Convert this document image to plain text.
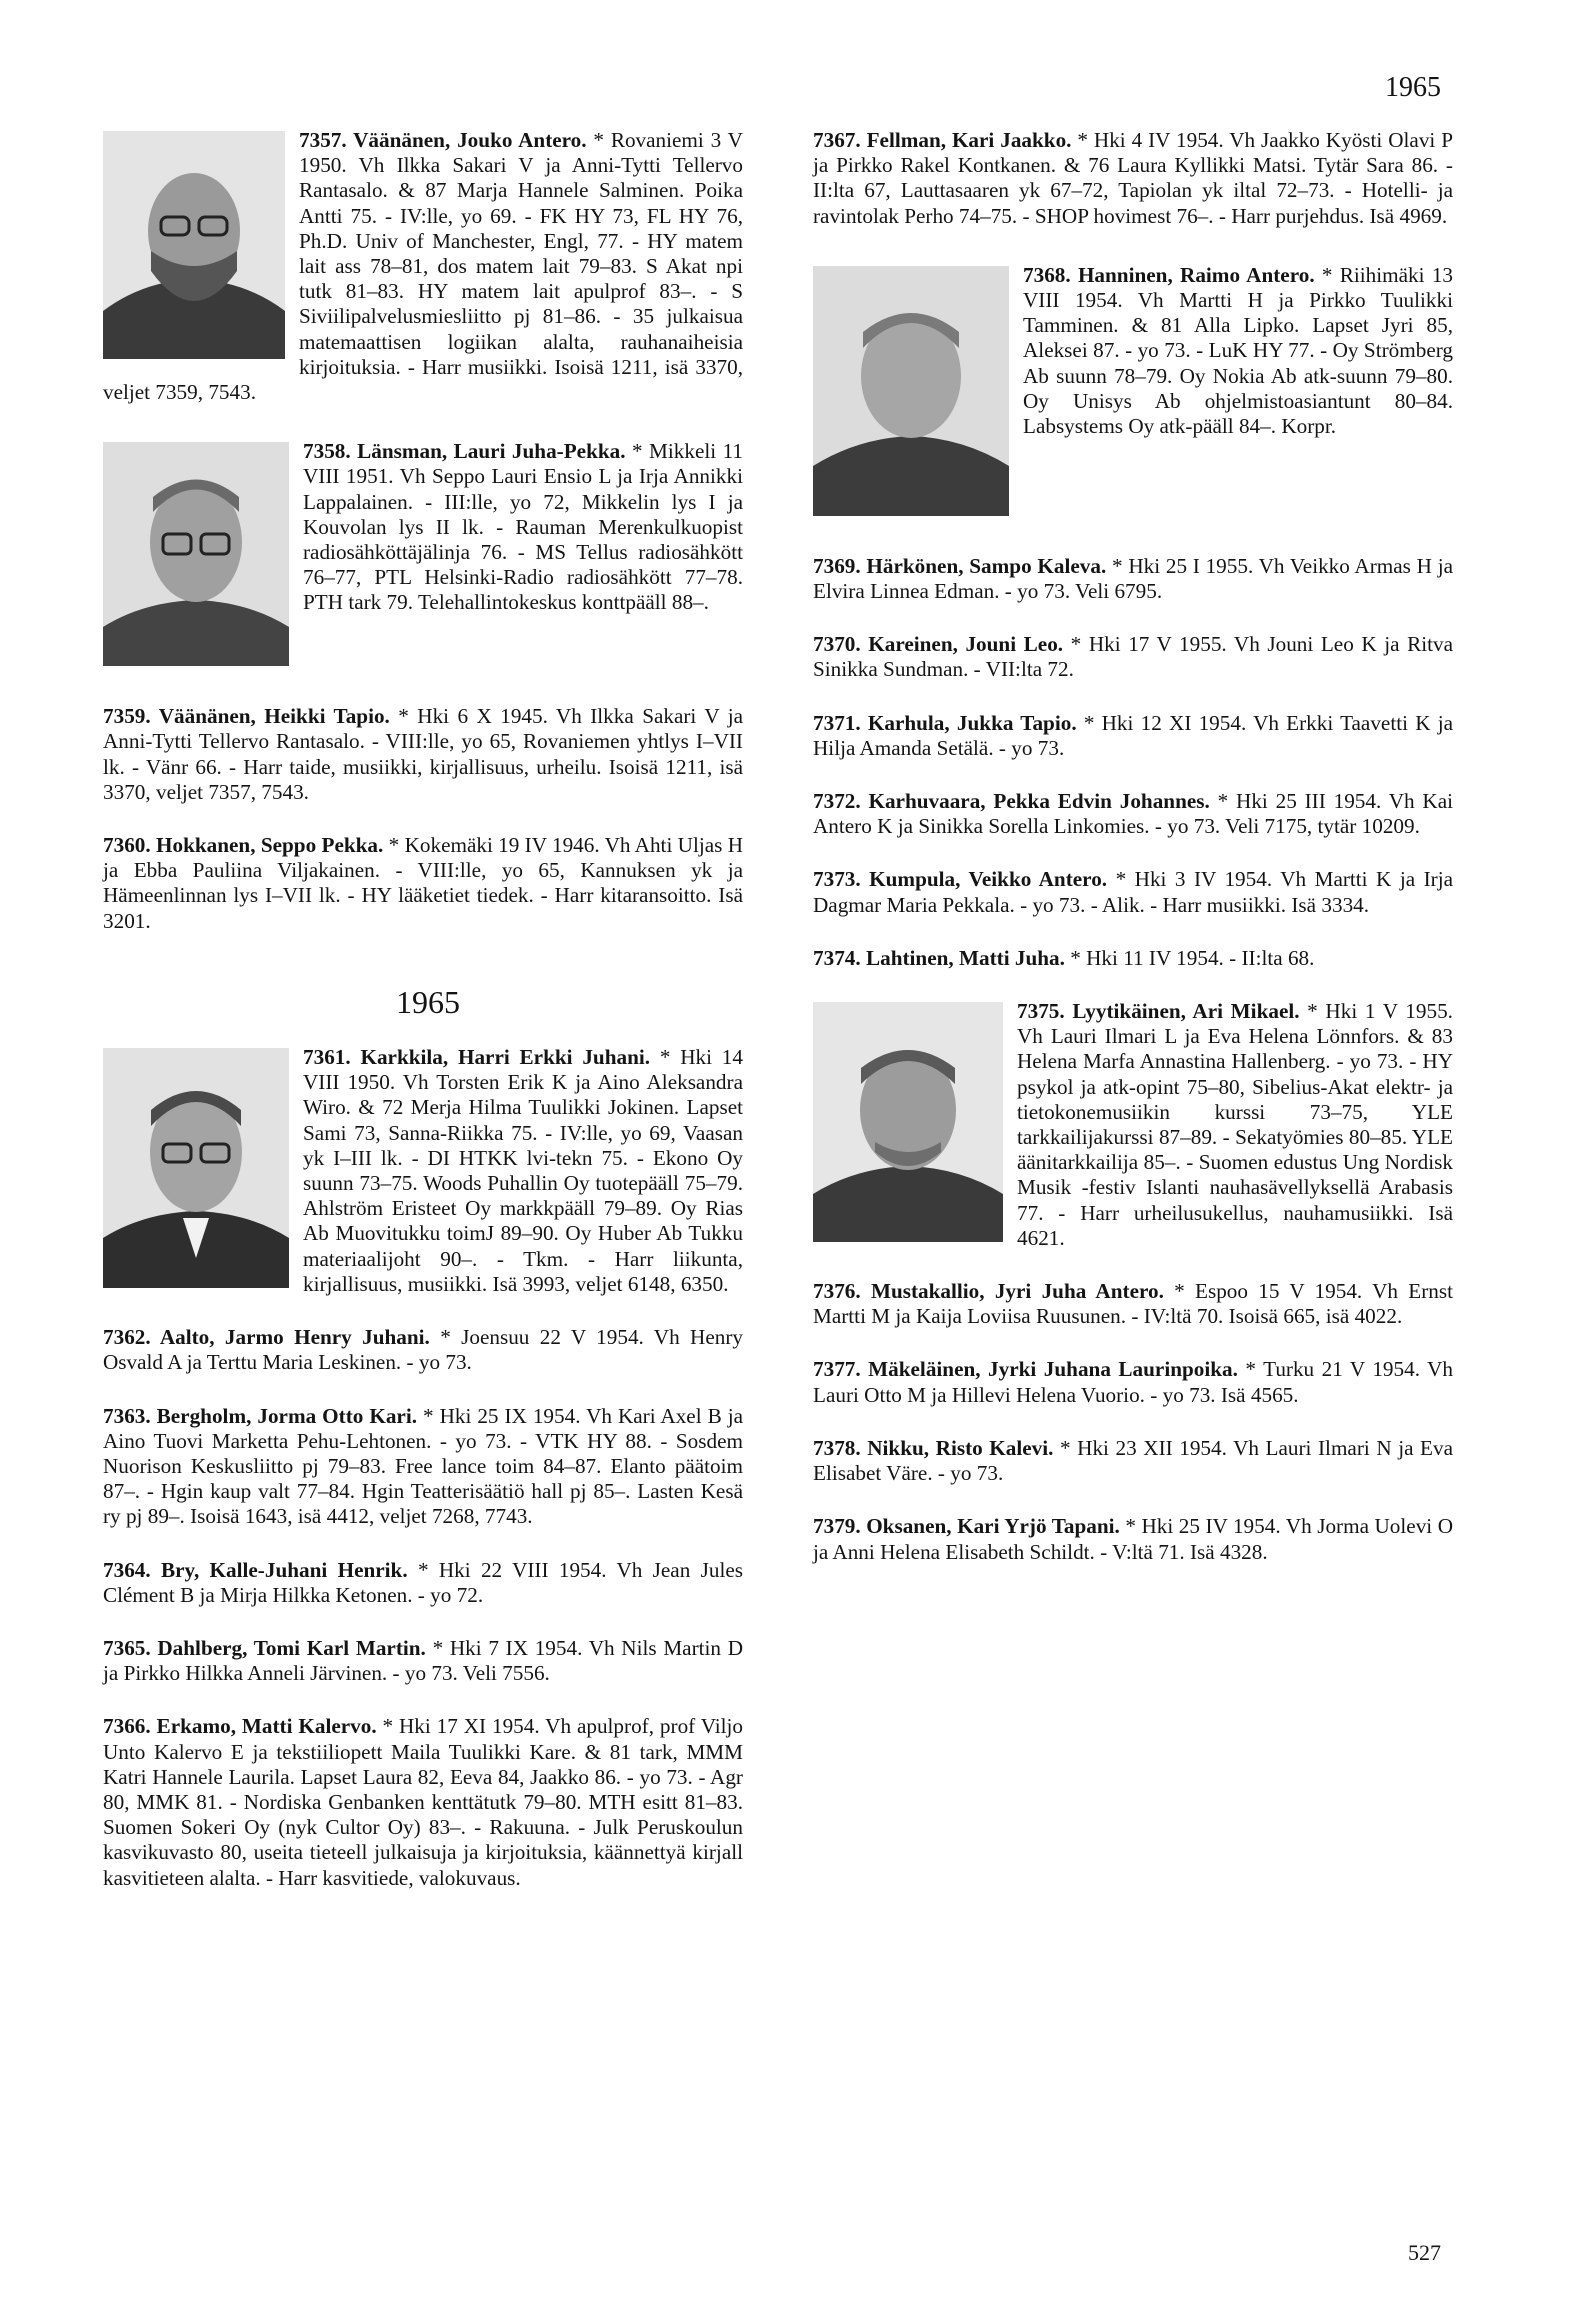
1965

7357. Väänänen, Jouko Antero. * Rovaniemi 3 V 1950. Vh Ilkka Sakari V ja Anni-Tytti Tellervo Rantasalo. & 87 Marja Hannele Salminen. Poika Antti 75. - IV:lle, yo 69. - FK HY 73, FL HY 76, Ph.D. Univ of Manchester, Engl, 77. - HY matem lait ass 78–81, dos matem lait 79–83. S Akat npi tutk 81–83. HY matem lait apulprof 83–. - S Siviilipalvelusmiesliitto pj 81–86. - 35 julkaisua matemaattisen logiikan alalta, rauhanaiheisia kirjoituksia. - Harr musiikki. Isoisä 1211, isä 3370, veljet 7359, 7543.

7358. Länsman, Lauri Juha-Pekka. * Mikkeli 11 VIII 1951. Vh Seppo Lauri Ensio L ja Irja Annikki Lappalainen. - III:lle, yo 72, Mikkelin lys I ja Kouvolan lys II lk. - Rauman Merenkulkuopist radiosähköttäjälinja 76. - MS Tellus radiosähkött 76–77, PTL Helsinki-Radio radiosähkött 77–78. PTH tark 79. Telehallintokeskus konttpääll 88–.

7359. Väänänen, Heikki Tapio. * Hki 6 X 1945. Vh Ilkka Sakari V ja Anni-Tytti Tellervo Rantasalo. - VIII:lle, yo 65, Rovaniemen yhtlys I–VII lk. - Vänr 66. - Harr taide, musiikki, kirjallisuus, urheilu. Isoisä 1211, isä 3370, veljet 7357, 7543.

7360. Hokkanen, Seppo Pekka. * Kokemäki 19 IV 1946. Vh Ahti Uljas H ja Ebba Pauliina Viljakainen. - VIII:lle, yo 65, Kannuksen yk ja Hämeenlinnan lys I–VII lk. - HY lääketiet tiedek. - Harr kitaransoitto. Isä 3201.

1965

7361. Karkkila, Harri Erkki Juhani. * Hki 14 VIII 1950. Vh Torsten Erik K ja Aino Aleksandra Wiro. & 72 Merja Hilma Tuulikki Jokinen. Lapset Sami 73, Sanna-Riikka 75. - IV:lle, yo 69, Vaasan yk I–III lk. - DI HTKK lvi-tekn 75. - Ekono Oy suunn 73–75. Woods Puhallin Oy tuotepääll 75–79. Ahlström Eristeet Oy markkpääll 79–89. Oy Rias Ab Muovitukku toimJ 89–90. Oy Huber Ab Tukku materiaalijoht 90–. - Tkm. - Harr liikunta, kirjallisuus, musiikki. Isä 3993, veljet 6148, 6350.

7362. Aalto, Jarmo Henry Juhani. * Joensuu 22 V 1954. Vh Henry Osvald A ja Terttu Maria Leskinen. - yo 73.

7363. Bergholm, Jorma Otto Kari. * Hki 25 IX 1954. Vh Kari Axel B ja Aino Tuovi Marketta Pehu-Lehtonen. - yo 73. - VTK HY 88. - Sosdem Nuorison Keskusliitto pj 79–83. Free lance toim 84–87. Elanto päätoim 87–. - Hgin kaup valt 77–84. Hgin Teatterisäätiö hall pj 85–. Lasten Kesä ry pj 89–. Isoisä 1643, isä 4412, veljet 7268, 7743.

7364. Bry, Kalle-Juhani Henrik. * Hki 22 VIII 1954. Vh Jean Jules Clément B ja Mirja Hilkka Ketonen. - yo 72.

7365. Dahlberg, Tomi Karl Martin. * Hki 7 IX 1954. Vh Nils Martin D ja Pirkko Hilkka Anneli Järvinen. - yo 73. Veli 7556.

7366. Erkamo, Matti Kalervo. * Hki 17 XI 1954. Vh apulprof, prof Viljo Unto Kalervo E ja tekstiiliopett Maila Tuulikki Kare. & 81 tark, MMM Katri Hannele Laurila. Lapset Laura 82, Eeva 84, Jaakko 86. - yo 73. - Agr 80, MMK 81. - Nordiska Genbanken kenttätutk 79–80. MTH esitt 81–83. Suomen Sokeri Oy (nyk Cultor Oy) 83–. - Rakuuna. - Julk Peruskoulun kasvikuvasto 80, useita tieteell julkaisuja ja kirjoituksia, käännettyä kirjall kasvitieteen alalta. - Harr kasvitiede, valokuvaus.

7367. Fellman, Kari Jaakko. * Hki 4 IV 1954. Vh Jaakko Kyösti Olavi P ja Pirkko Rakel Kontkanen. & 76 Laura Kyllikki Matsi. Tytär Sara 86. - II:lta 67, Lauttasaaren yk 67–72, Tapiolan yk iltal 72–73. - Hotelli- ja ravintolak Perho 74–75. - SHOP hovimest 76–. - Harr purjehdus. Isä 4969.

7368. Hanninen, Raimo Antero. * Riihimäki 13 VIII 1954. Vh Martti H ja Pirkko Tuulikki Tamminen. & 81 Alla Lipko. Lapset Jyri 85, Aleksei 87. - yo 73. - LuK HY 77. - Oy Strömberg Ab suunn 78–79. Oy Nokia Ab atk-suunn 79–80. Oy Unisys Ab ohjelmistoasiantunt 80–84. Labsystems Oy atk-pääll 84–. Korpr.

7369. Härkönen, Sampo Kaleva. * Hki 25 I 1955. Vh Veikko Armas H ja Elvira Linnea Edman. - yo 73. Veli 6795.

7370. Kareinen, Jouni Leo. * Hki 17 V 1955. Vh Jouni Leo K ja Ritva Sinikka Sundman. - VII:lta 72.

7371. Karhula, Jukka Tapio. * Hki 12 XI 1954. Vh Erkki Taavetti K ja Hilja Amanda Setälä. - yo 73.

7372. Karhuvaara, Pekka Edvin Johannes. * Hki 25 III 1954. Vh Kai Antero K ja Sinikka Sorella Linkomies. - yo 73. Veli 7175, tytär 10209.

7373. Kumpula, Veikko Antero. * Hki 3 IV 1954. Vh Martti K ja Irja Dagmar Maria Pekkala. - yo 73. - Alik. - Harr musiikki. Isä 3334.

7374. Lahtinen, Matti Juha. * Hki 11 IV 1954. - II:lta 68.

7375. Lyytikäinen, Ari Mikael. * Hki 1 V 1955. Vh Lauri Ilmari L ja Eva Helena Lönnfors. & 83 Helena Marfa Annastina Hallenberg. - yo 73. - HY psykol ja atk-opint 75–80, Sibelius-Akat elektr- ja tietokonemusiikin kurssi 73–75, YLE tarkkailijakurssi 87–89. - Sekatyömies 80–85. YLE äänitarkkailija 85–. - Suomen edustus Ung Nordisk Musik -festiv Islanti nauhasävellyksellä Arabasis 77. - Harr urheilusukellus, nauhamusiikki. Isä 4621.

7376. Mustakallio, Jyri Juha Antero. * Espoo 15 V 1954. Vh Ernst Martti M ja Kaija Loviisa Ruusunen. - IV:ltä 70. Isoisä 665, isä 4022.

7377. Mäkeläinen, Jyrki Juhana Laurinpoika. * Turku 21 V 1954. Vh Lauri Otto M ja Hillevi Helena Vuorio. - yo 73. Isä 4565.

7378. Nikku, Risto Kalevi. * Hki 23 XII 1954. Vh Lauri Ilmari N ja Eva Elisabet Väre. - yo 73.

7379. Oksanen, Kari Yrjö Tapani. * Hki 25 IV 1954. Vh Jorma Uolevi O ja Anni Helena Elisabeth Schildt. - V:ltä 71. Isä 4328.

527
